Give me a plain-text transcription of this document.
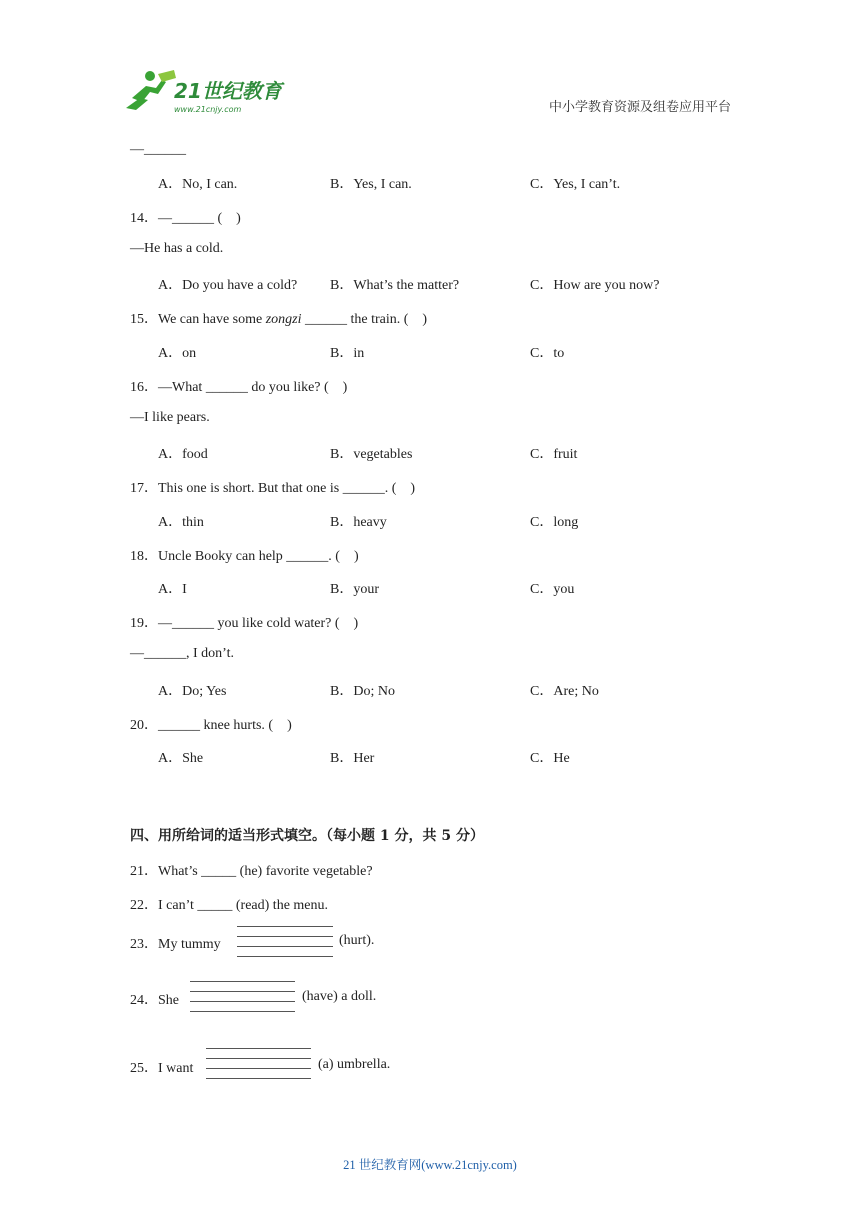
21世纪教育
www.21cnjy.com	中小学教育资源及组卷应用平台
—______
A．No, I can.	B．Yes, I can.	C．Yes, I can’t.
14．—______ (　)
—He has a cold.
A．Do you have a cold? B．What’s the matter?	C．How are you now?
15．We can have some zongzi ______ the train. (　)
A．on	B．in	C．to
16．—What ______ do you like? (　)
—I like pears.
A．food	B．vegetables	C．fruit
17．This one is short. But that one is ______. (　)
A．thin	B．heavy	C．long
18．Uncle Booky can help ______. (　)
A．I	B．your	C．you
19．—______ you like cold water? (　)
—______, I don’t.
A．Do; Yes	B．Do; No	C．Are; No
20．______ knee hurts. (　)
A．She	B．Her	C．He
四、用所给词的适当形式填空。（每小题 1 分，共 5 分）
21．What’s _____ (he) favorite vegetable?
22．I can’t _____ (read) the menu.
23．My tummy	(hurt).
24．She	(have) a doll.
25．I want	(a) umbrella.
21 世纪教育网(www.21cnjy.com)
